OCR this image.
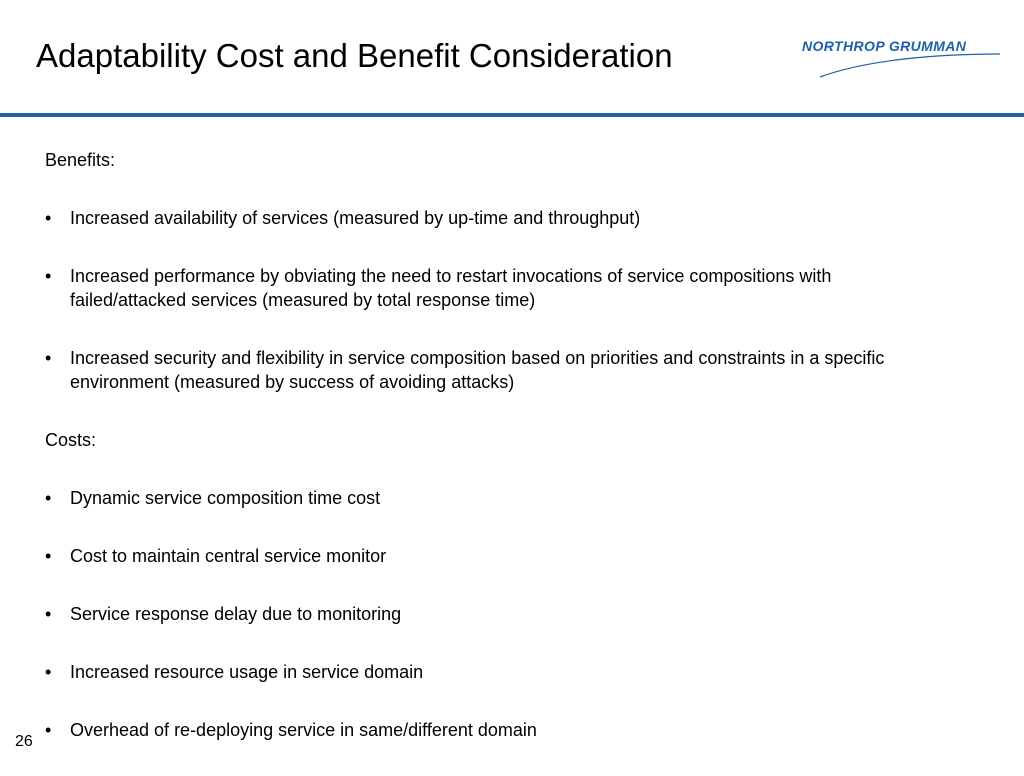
Adaptability Cost and Benefit Consideration	NORTHROP GRUMMAN
Benefits:
• Increased availability of services (measured by up-time and throughput)
• Increased performance by obviating the need to restart invocations of service compositions with failed/attacked services (measured by total response time)
• Increased security and flexibility in service composition based on priorities and constraints in a specific environment (measured by success of avoiding attacks)
Costs:
• Dynamic service composition time cost
• Cost to maintain central service monitor
• Service response delay due to monitoring
• Increased resource usage in service domain
• Overhead of re-deploying service in same/different domain
26
